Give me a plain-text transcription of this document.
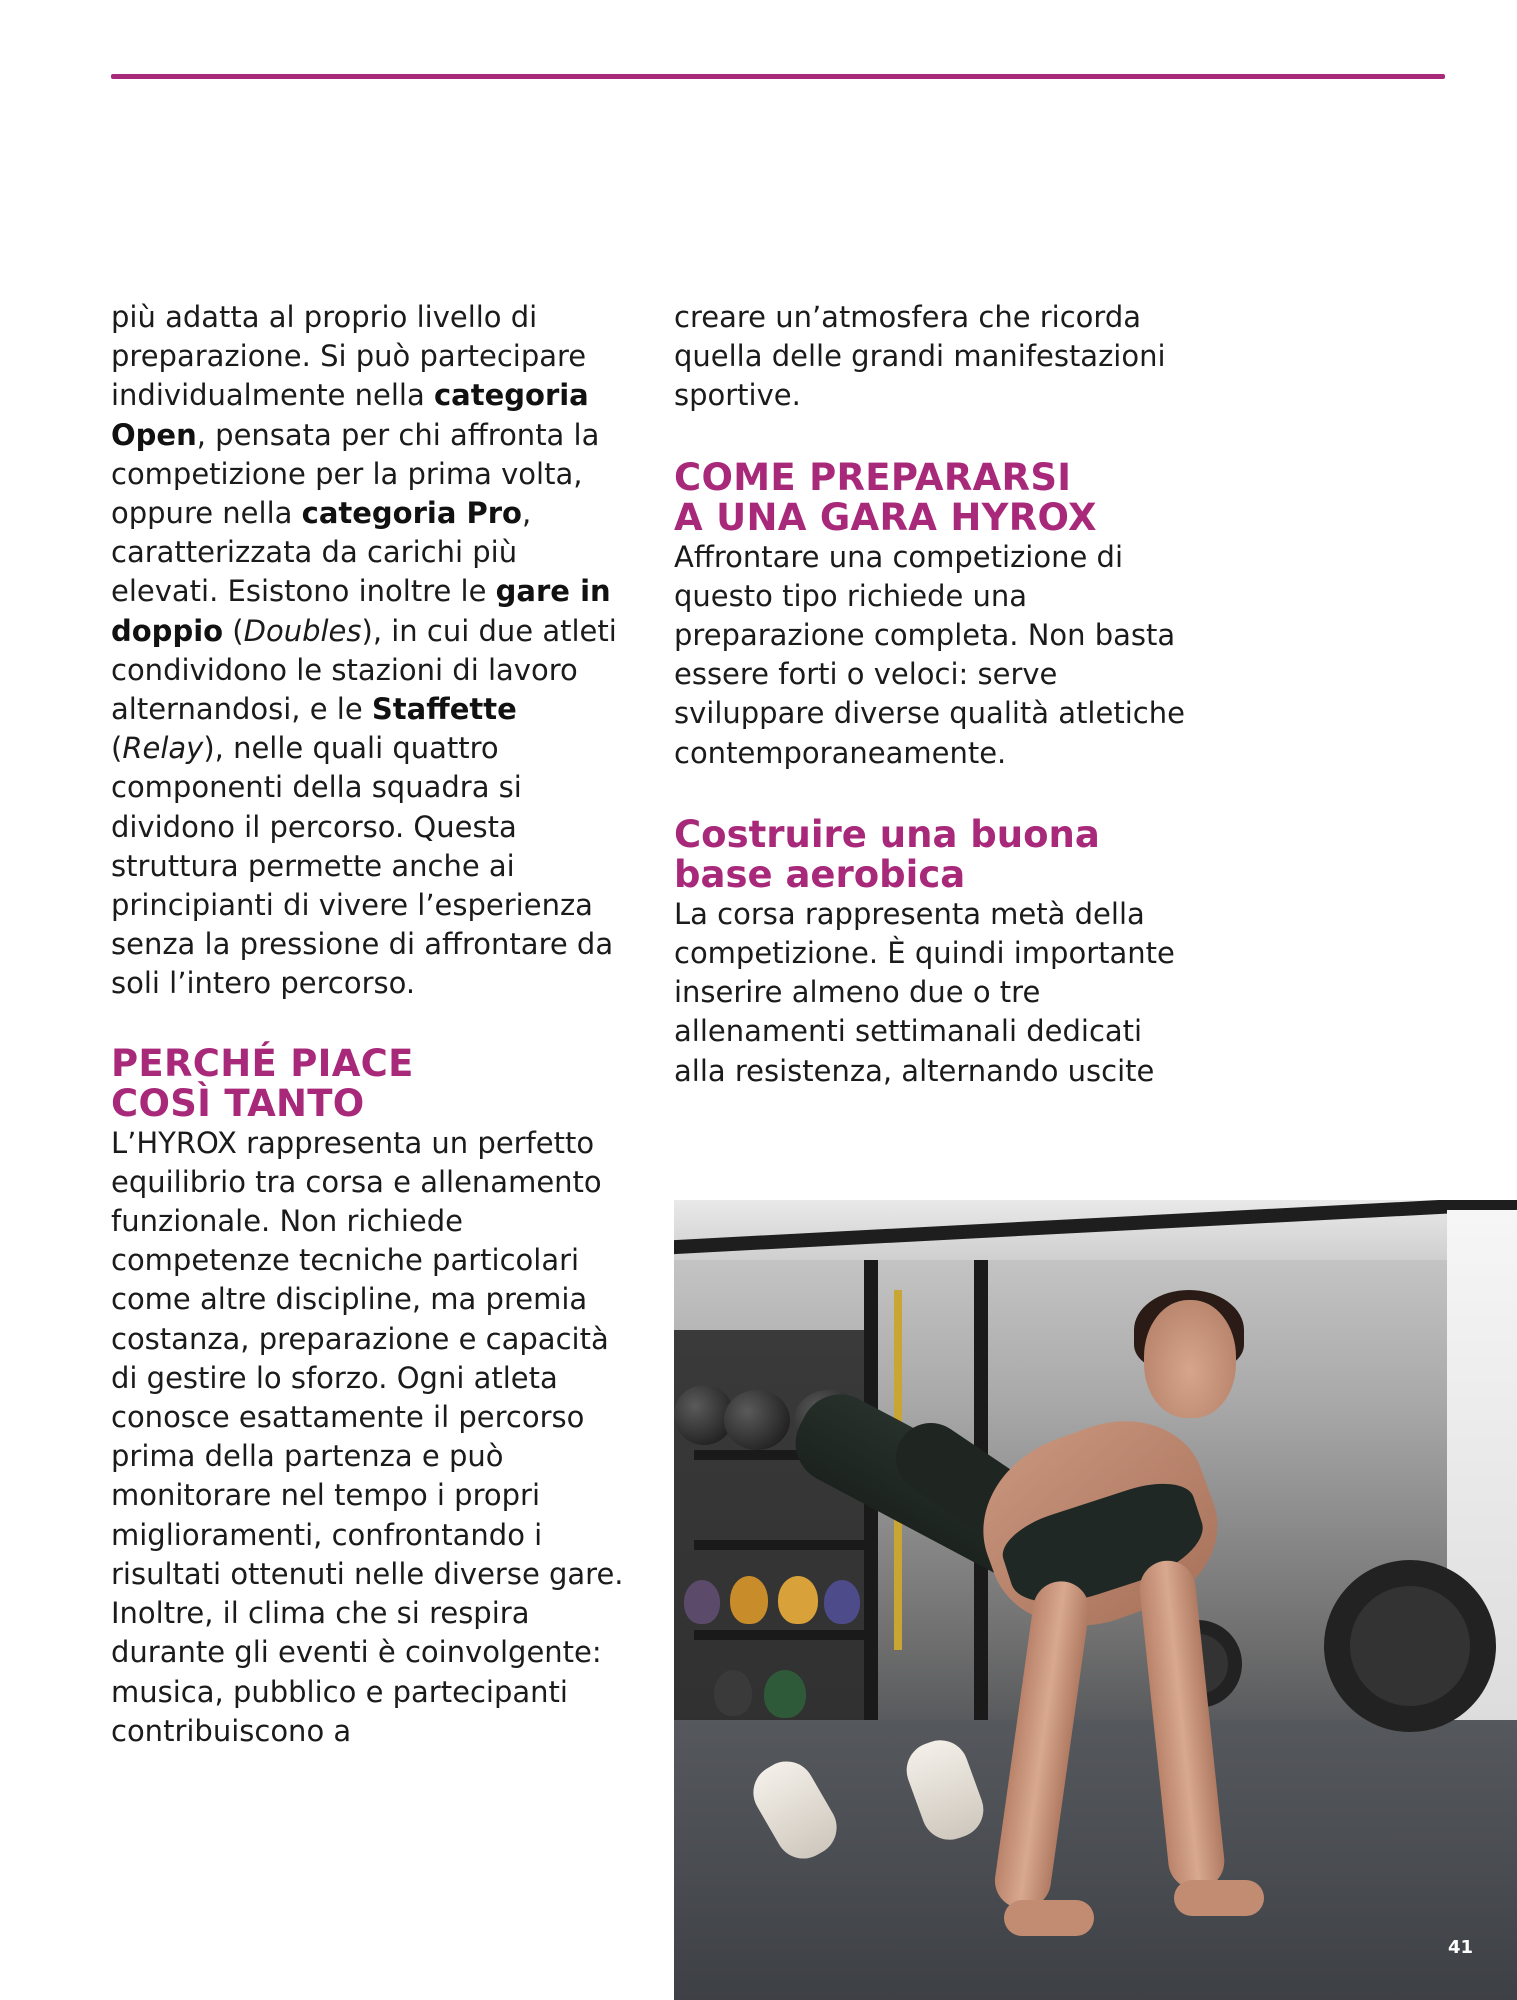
più adatta al proprio livello di preparazione. Si può partecipare individualmente nella categoria Open, pensata per chi affronta la competizione per la prima volta, oppure nella categoria Pro, caratterizzata da carichi più elevati. Esistono inoltre le gare in doppio (Doubles), in cui due atleti condividono le stazioni di lavoro alternandosi, e le Staffette (Relay), nelle quali quattro componenti della squadra si dividono il percorso. Questa struttura permette anche ai principianti di vivere l’esperienza senza la pressione di affrontare da soli l’intero percorso.

PERCHÉ PIACE
COSÌ TANTO

L’HYROX rappresenta un perfetto equilibrio tra corsa e allenamento funzionale. Non richiede competenze tecniche particolari come altre discipline, ma premia costanza, preparazione e capacità di gestire lo sforzo. Ogni atleta conosce esattamente il percorso prima della partenza e può monitorare nel tempo i propri miglioramenti, confrontando i risultati ottenuti nelle diverse gare. Inoltre, il clima che si respira durante gli eventi è coinvolgente: musica, pubblico e partecipanti contribuiscono a

creare un’atmosfera che ricorda quella delle grandi manifestazioni sportive.

COME PREPARARSI
A UNA GARA HYROX

Affrontare una competizione di questo tipo richiede una preparazione completa. Non basta essere forti o veloci: serve sviluppare diverse qualità atletiche contemporaneamente.

Costruire una buona
base aerobica

La corsa rappresenta metà della competizione. È quindi importante inserire almeno due o tre allenamenti settimanali dedicati alla resistenza, alternando uscite

41
